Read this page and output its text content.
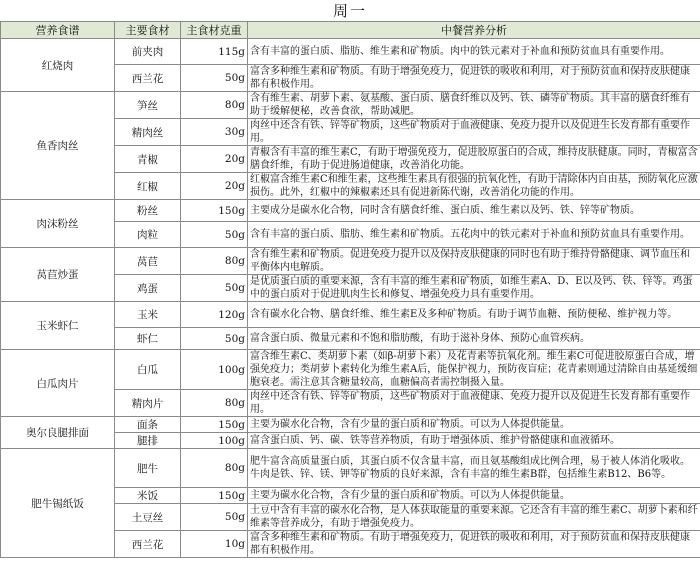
周一
营养食谱	主要食材	主食材克重	中餐营养分析
红烧肉	前夹肉	115g	含有丰富的蛋白质、脂肪、维生素和矿物质。肉中的铁元素对于补血和预防贫血具有重要作用。
	西兰花	50g	富含多种维生素和矿物质。有助于增强免疫力，促进铁的吸收和利用，对于预防贫血和保持皮肤健康都有积极作用。
鱼香肉丝	笋丝	80g	含有维生素、胡萝卜素、氨基酸、蛋白质、膳食纤维以及钙、铁、磷等矿物质。其丰富的膳食纤维有助于缓解便秘，改善食欲，帮助减肥。
	精肉丝	30g	肉丝中还含有铁、锌等矿物质，这些矿物质对于血液健康、免疫力提升以及促进生长发育都有重要作用。
	青椒	20g	青椒含有丰富的维生素C，有助于增强免疫力，促进胶原蛋白的合成，维持皮肤健康。同时，青椒富含膳食纤维，有助于促进肠道健康，改善消化功能。
	红椒	20g	红椒富含维生素C和维生素，这些维生素具有很强的抗氧化性，有助于清除体内自由基，预防氧化应激损伤。此外，红椒中的辣椒素还具有促进新陈代谢，改善消化功能的作用。
肉沫粉丝	粉丝	150g	主要成分是碳水化合物，同时含有膳食纤维、蛋白质、维生素以及钙、铁、锌等矿物质。
	肉粒	50g	含有丰富的蛋白质、脂肪、维生素和矿物质。五花肉中的铁元素对于补血和预防贫血具有重要作用。
莴苣炒蛋	莴苣	80g	含有维生素和矿物质。促进免疫力提升以及保持皮肤健康的同时也有助于维持骨骼健康、调节血压和平衡体内电解质。
	鸡蛋	50g	是优质蛋白质的重要来源，含有丰富的维生素和矿物质，如维生素A、D、E以及钙、铁、锌等。鸡蛋中的蛋白质对于促进肌肉生长和修复、增强免疫力具有重要作用。
玉米虾仁	玉米	120g	含有碳水化合物、膳食纤维、维生素E及多种矿物质。有助于调节血糖、预防便秘、维护视力等。
	虾仁	50g	富含蛋白质、微量元素和不饱和脂肪酸，有助于滋补身体、预防心血管疾病。
白瓜肉片	白瓜	100g	富含维生素C、类胡萝卜素（如β-胡萝卜素）及花青素等抗氧化剂。维生素C可促进胶原蛋白合成，增强免疫力；类胡萝卜素转化为维生素A后，能保护视力，预防夜盲症；花青素则通过清除自由基延缓细胞衰老。需注意其含糖量较高，血糖偏高者需控制摄入量。
	精肉片	80g	肉丝中还含有铁、锌等矿物质，这些矿物质对于血液健康、免疫力提升以及促进生长发育都有重要作用。
奥尔良腿排面	面条	150g	主要为碳水化合物，含有少量的蛋白质和矿物质。可以为人体提供能量。
	腿排	100g	富含蛋白质、钙、碳、铁等营养物质，有助于增强体质、维护骨骼健康和血液循环。
肥牛锡纸饭	肥牛	80g	肥牛富含高质量蛋白质，其蛋白质不仅含量丰富，而且氨基酸组成比例合理，易于被人体消化吸收。牛肉是铁、锌、镁、钾等矿物质的良好来源，含有丰富的维生素B群，包括维生素B12、B6等。
	米饭	150g	主要为碳水化合物，含有少量的蛋白质和矿物质。可以为人体提供能量。
	土豆丝	50g	土豆中含有丰富的碳水化合物，是人体获取能量的重要来源。它还含有丰富的维生素C、胡萝卜素和纤维素等营养成分，有助于增强免疫力。
	西兰花	10g	富含多种维生素和矿物质。有助于增强免疫力，促进铁的吸收和利用，对于预防贫血和保持皮肤健康都有积极作用。
